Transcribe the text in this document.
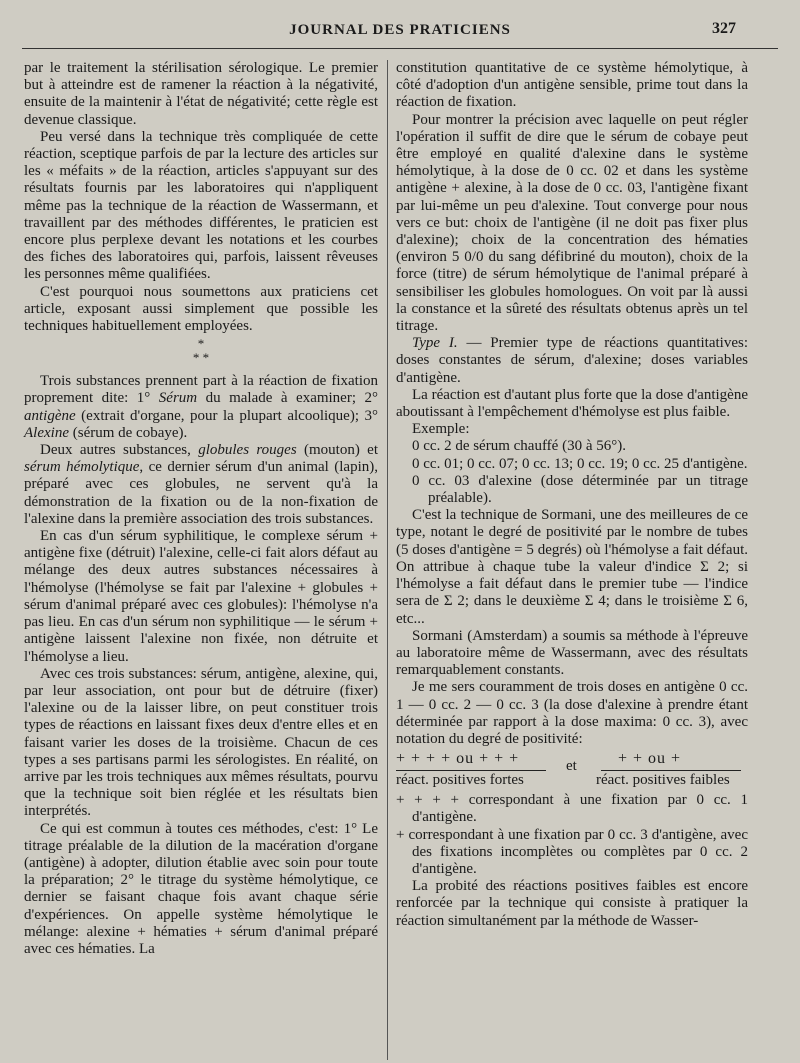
JOURNAL DES PRATICIENS	327

par le traitement la stérilisation sérologique. Le premier but à atteindre est de ramener la réaction à la négativité, ensuite de la maintenir à l'état de négativité; cette règle est devenue classique.

Peu versé dans la technique très compliquée de cette réaction, sceptique parfois de par la lecture des articles sur les « méfaits » de la réaction, articles s'appuyant sur des résultats fournis par les laboratoires qui n'appliquent même pas la technique de la réaction de Wassermann, et travaillent par des méthodes différentes, le praticien est encore plus perplexe devant les notations et les courbes des fiches des laboratoires qui, parfois, laissent rêveuses les personnes même qualifiées.

C'est pourquoi nous soumettons aux praticiens cet article, exposant aussi simplement que possible les techniques habituellement employées.

*
* *

Trois substances prennent part à la réaction de fixation proprement dite: 1° Sérum du malade à examiner; 2° antigène (extrait d'organe, pour la plupart alcoolique); 3° Alexine (sérum de cobaye).

Deux autres substances, globules rouges (mouton) et sérum hémolytique, ce dernier sérum d'un animal (lapin), préparé avec ces globules, ne servent qu'à la démonstration de la fixation ou de la non-fixation de l'alexine dans la première association des trois substances.

En cas d'un sérum syphilitique, le complexe sérum + antigène fixe (détruit) l'alexine, celle-ci fait alors défaut au mélange des deux autres substances nécessaires à l'hémolyse (l'hémolyse se fait par l'alexine + globules + sérum d'animal préparé avec ces globules): l'hémolyse n'a pas lieu. En cas d'un sérum non syphilitique — le sérum + antigène laissent l'alexine non fixée, non détruite et l'hémolyse a lieu.

Avec ces trois substances: sérum, antigène, alexine, qui, par leur association, ont pour but de détruire (fixer) l'alexine ou de la laisser libre, on peut constituer trois types de réactions en laissant fixes deux d'entre elles et en faisant varier les doses de la troisième. Chacun de ces types a ses partisans parmi les sérologistes. En réalité, on arrive par les trois techniques aux mêmes résultats, pourvu que la technique soit bien réglée et les résultats bien interprétés.

Ce qui est commun à toutes ces méthodes, c'est: 1° Le titrage préalable de la dilution de la macération d'organe (antigène) à adopter, dilution établie avec soin pour toute la préparation; 2° le titrage du système hémolytique, ce dernier se faisant chaque fois avant chaque série d'expériences. On appelle système hémolytique le mélange: alexine + hématies + sérum d'animal préparé avec ces hématies. La

constitution quantitative de ce système hémolytique, à côté d'adoption d'un antigène sensible, prime tout dans la réaction de fixation.

Pour montrer la précision avec laquelle on peut régler l'opération il suffit de dire que le sérum de cobaye peut être employé en qualité d'alexine dans le système hémolytique, à la dose de 0 cc. 02 et dans les système antigène + alexine, à la dose de 0 cc. 03, l'antigène fixant par lui-même un peu d'alexine. Tout converge pour nous vers ce but: choix de l'antigène (il ne doit pas fixer plus d'alexine); choix de la concentration des hématies (environ 5 0/0 du sang défibriné du mouton), choix de la force (titre) de sérum hémolytique de l'animal préparé à sensibiliser les globules homologues. On voit par là aussi la constance et la sûreté des résultats obtenus après un tel titrage.

Type I. — Premier type de réactions quantitatives: doses constantes de sérum, d'alexine; doses variables d'antigène.

La réaction est d'autant plus forte que la dose d'antigène aboutissant à l'empêchement d'hémolyse est plus faible.

Exemple:

0 cc. 2 de sérum chauffé (30 à 56°).

0 cc. 01; 0 cc. 07; 0 cc. 13; 0 cc. 19; 0 cc. 25 d'antigène.

0 cc. 03 d'alexine (dose déterminée par un titrage préalable).

C'est la technique de Sormani, une des meilleures de ce type, notant le degré de positivité par le nombre de tubes (5 doses d'antigène = 5 degrés) où l'hémolyse a fait défaut. On attribue à chaque tube la valeur d'indice Σ 2; si l'hémolyse a fait défaut dans le premier tube — l'indice sera de Σ 2; dans le deuxième Σ 4; dans le troisième Σ 6, etc...

Sormani (Amsterdam) a soumis sa méthode à l'épreuve au laboratoire même de Wassermann, avec des résultats remarquablement constants.

Je me sers couramment de trois doses en antigène 0 cc. 1 — 0 cc. 2 — 0 cc. 3 (la dose d'alexine à prendre étant déterminée par rapport à la dose maxima: 0 cc. 3), avec notation du degré de positivité:

+ + + + ou + + +	et	+ + ou +
réact. positives fortes	réact. positives faibles

+ + + + correspondant à une fixation par 0 cc. 1 d'antigène.

+ correspondant à une fixation par 0 cc. 3 d'antigène, avec des fixations incomplètes ou complètes par 0 cc. 2 d'antigène.

La probité des réactions positives faibles est encore renforcée par la technique qui consiste à pratiquer la réaction simultanément par la méthode de Wasser-
